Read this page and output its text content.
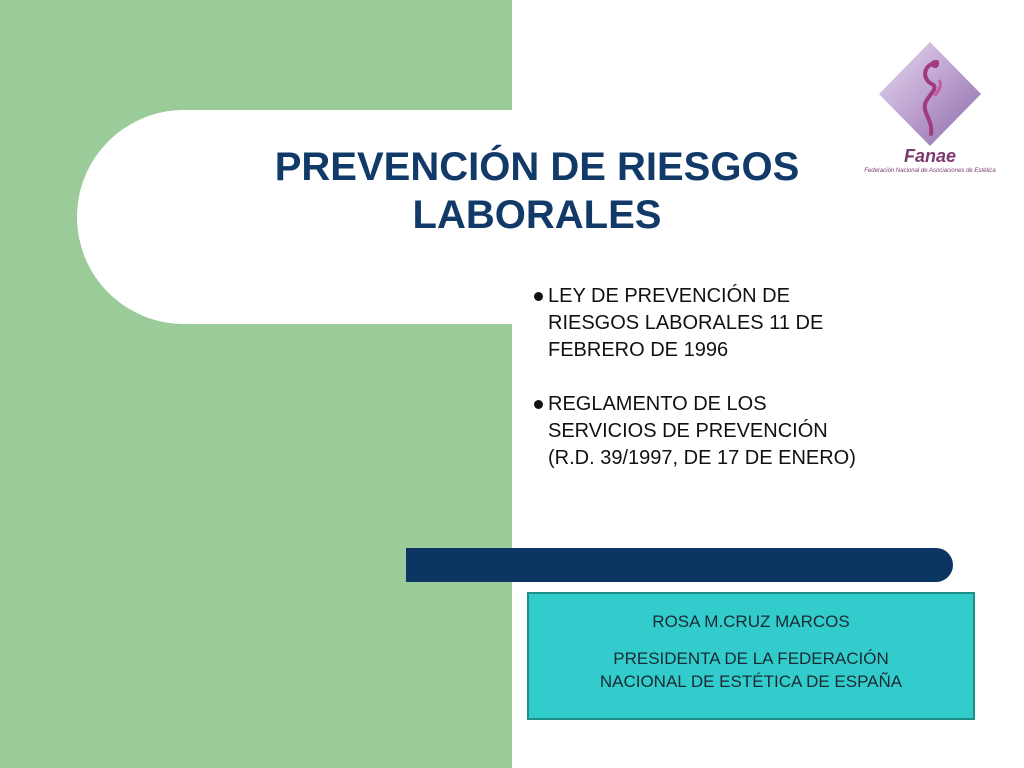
PREVENCIÓN DE RIESGOS
LABORALES
Fanae
Federación Nacional de Asociaciones de Estética
LEY DE PREVENCIÓN DE
RIESGOS LABORALES 11 DE
FEBRERO DE 1996
REGLAMENTO DE LOS
SERVICIOS DE PREVENCIÓN
(R.D. 39/1997, DE 17 DE ENERO)

ROSA M.CRUZ MARCOS

PRESIDENTA DE LA FEDERACIÓN

NACIONAL DE ESTÉTICA DE ESPAÑA
